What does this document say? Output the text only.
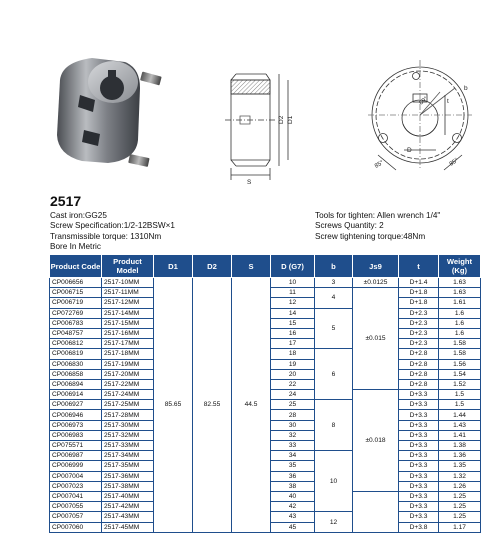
D2 D1
S
60°
D
t
b
85°	85°
2517
Cast iron:GG25
Screw Specification:1/2-12BSW×1
Transmissible torque: 1310Nm
Bore In Metric
Tools for tighten: Allen wrench 1/4"
Screws Quantity: 2
Screw tightening torque:48Nm
Product Code	Product Model	D1	D2	S	D (G7)	b	Js9	t	Weight (Kg)
CP006656	2517-10MM	85.65	82.55	44.5	10	3	±0.0125	D+1.4	1.63
CP006715	2517-11MM				11	4	±0.015	D+1.8	1.63
CP006719	2517-12MM				12			D+1.8	1.61
CP072769	2517-14MM				14	5		D+2.3	1.6
CP006783	2517-15MM				15			D+2.3	1.6
CP048757	2517-16MM				16			D+2.3	1.6
CP006812	2517-17MM				17			D+2.3	1.58
CP006819	2517-18MM				18	6		D+2.8	1.58
CP006830	2517-19MM				19			D+2.8	1.56
CP006858	2517-20MM				20			D+2.8	1.54
CP006894	2517-22MM				22			D+2.8	1.52
CP006914	2517-24MM				24		±0.018	D+3.3	1.5
CP006927	2517-25MM				25	8		D+3.3	1.5
CP006946	2517-28MM				28			D+3.3	1.44
CP006973	2517-30MM				30			D+3.3	1.43
CP006983	2517-32MM				32			D+3.3	1.41
CP075571	2517-33MM				33			D+3.3	1.38
CP006987	2517-34MM				34	10		D+3.3	1.36
CP006999	2517-35MM				35			D+3.3	1.35
CP007004	2517-36MM				36			D+3.3	1.32
CP007023	2517-38MM				38			D+3.3	1.26
CP007041	2517-40MM				40			D+3.3	1.25
CP007055	2517-42MM				42			D+3.3	1.25
CP007057	2517-43MM				43	12		D+3.3	1.25
CP007060	2517-45MM				45			D+3.8	1.17
